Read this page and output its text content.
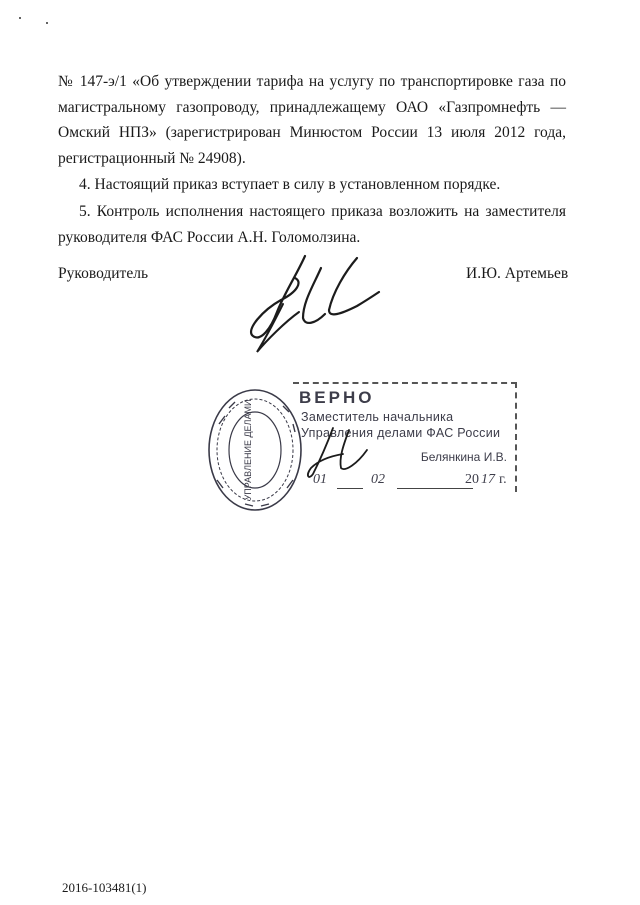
№ 147-э/1 «Об утверждении тарифа на услугу по транспортировке газа по магистральному газопроводу, принадлежащему ОАО «Газпромнефть — Омский НПЗ» (зарегистрирован Минюстом России 13 июля 2012 года, регистрационный № 24908).
4. Настоящий приказ вступает в силу в установленном порядке.
5. Контроль исполнения настоящего приказа возложить на заместителя руководителя ФАС России А.Н. Голомолзина.
Руководитель	И.Ю. Артемьев
УПРАВЛЕНИЕ ДЕЛАМИ
ВЕРНО
Заместитель начальника
Управления делами ФАС России
Белянкина И.В.
01	02	20 17 г.
2016-103481(1)
